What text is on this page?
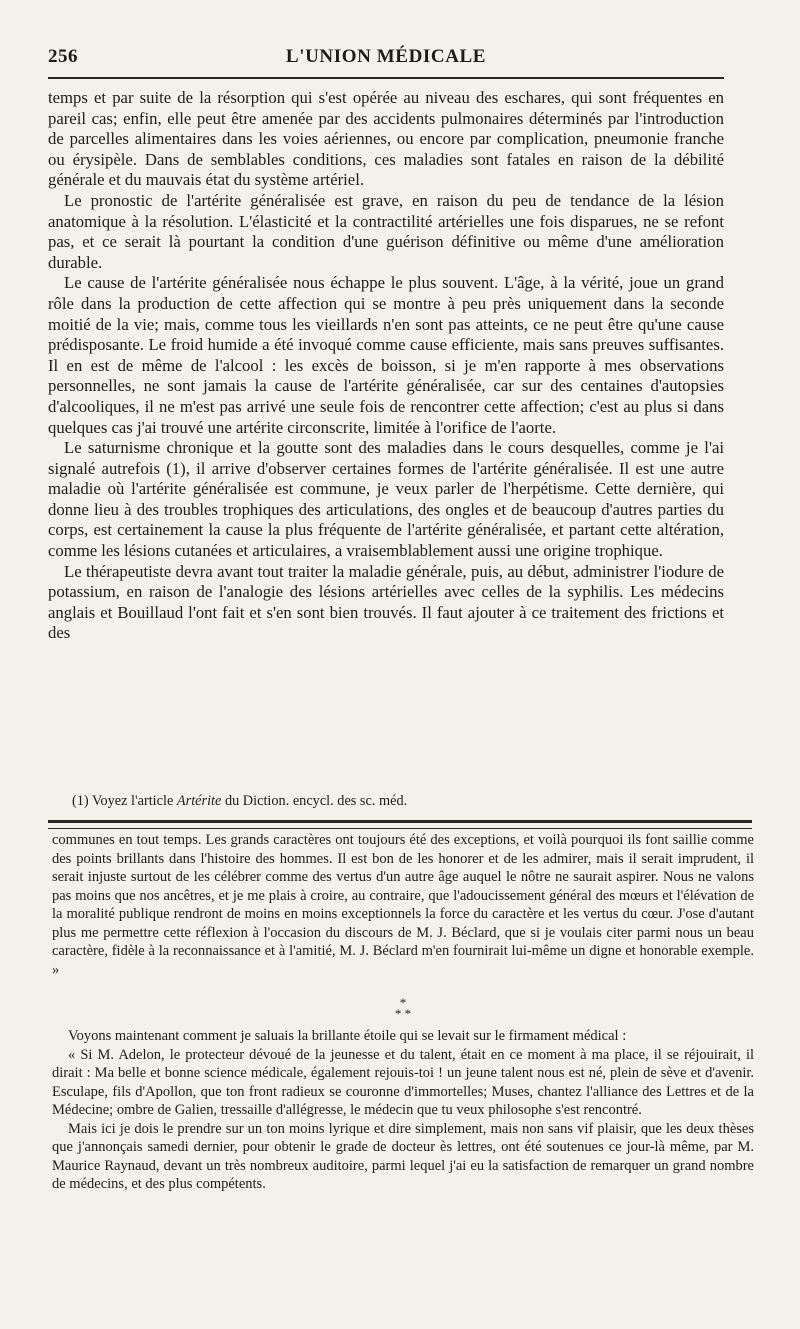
256	L'UNION MÉDICALE

temps et par suite de la résorption qui s'est opérée au niveau des eschares, qui sont fréquentes en pareil cas; enfin, elle peut être amenée par des accidents pulmonaires déterminés par l'introduction de parcelles alimentaires dans les voies aériennes, ou encore par complication, pneumonie franche ou érysipèle. Dans de semblables conditions, ces maladies sont fatales en raison de la débilité générale et du mauvais état du système artériel.

Le pronostic de l'artérite généralisée est grave, en raison du peu de tendance de la lésion anatomique à la résolution. L'élasticité et la contractilité artérielles une fois disparues, ne se refont pas, et ce serait là pourtant la condition d'une guérison définitive ou même d'une amélioration durable.

Le cause de l'artérite généralisée nous échappe le plus souvent. L'âge, à la vérité, joue un grand rôle dans la production de cette affection qui se montre à peu près uniquement dans la seconde moitié de la vie; mais, comme tous les vieillards n'en sont pas atteints, ce ne peut être qu'une cause prédisposante. Le froid humide a été invoqué comme cause efficiente, mais sans preuves suffisantes. Il en est de même de l'alcool : les excès de boisson, si je m'en rapporte à mes observations personnelles, ne sont jamais la cause de l'artérite généralisée, car sur des centaines d'autopsies d'alcooliques, il ne m'est pas arrivé une seule fois de rencontrer cette affection; c'est au plus si dans quelques cas j'ai trouvé une artérite circonscrite, limitée à l'orifice de l'aorte.

Le saturnisme chronique et la goutte sont des maladies dans le cours desquelles, comme je l'ai signalé autrefois (1), il arrive d'observer certaines formes de l'artérite généralisée. Il est une autre maladie où l'artérite généralisée est commune, je veux parler de l'herpétisme. Cette dernière, qui donne lieu à des troubles trophiques des articulations, des ongles et de beaucoup d'autres parties du corps, est certainement la cause la plus fréquente de l'artérite généralisée, et partant cette altération, comme les lésions cutanées et articulaires, a vraisemblablement aussi une origine trophique.

Le thérapeutiste devra avant tout traiter la maladie générale, puis, au début, administrer l'iodure de potassium, en raison de l'analogie des lésions artérielles avec celles de la syphilis. Les médecins anglais et Bouillaud l'ont fait et s'en sont bien trouvés. Il faut ajouter à ce traitement des frictions et des

(1) Voyez l'article Artérite du Diction. encycl. des sc. méd.

communes en tout temps. Les grands caractères ont toujours été des exceptions, et voilà pourquoi ils font saillie comme des points brillants dans l'histoire des hommes. Il est bon de les honorer et de les admirer, mais il serait imprudent, il serait injuste surtout de les célébrer comme des vertus d'un autre âge auquel le nôtre ne saurait aspirer. Nous ne valons pas moins que nos ancêtres, et je me plais à croire, au contraire, que l'adoucissement général des mœurs et l'élévation de la moralité publique rendront de moins en moins exceptionnels la force du caractère et les vertus du cœur. J'ose d'autant plus me permettre cette réflexion à l'occasion du discours de M. J. Béclard, que si je voulais citer parmi nous un beau caractère, fidèle à la reconnaissance et à l'amitié, M. J. Béclard m'en fournirait lui-même un digne et honorable exemple. »

*
* *

Voyons maintenant comment je saluais la brillante étoile qui se levait sur le firmament médical :

« Si M. Adelon, le protecteur dévoué de la jeunesse et du talent, était en ce moment à ma place, il se réjouirait, il dirait : Ma belle et bonne science médicale, également rejouis-toi ! un jeune talent nous est né, plein de sève et d'avenir. Esculape, fils d'Apollon, que ton front radieux se couronne d'immortelles; Muses, chantez l'alliance des Lettres et de la Médecine; ombre de Galien, tressaille d'allégresse, le médecin que tu veux philosophe s'est rencontré.

Mais ici je dois le prendre sur un ton moins lyrique et dire simplement, mais non sans vif plaisir, que les deux thèses que j'annonçais samedi dernier, pour obtenir le grade de docteur ès lettres, ont été soutenues ce jour-là même, par M. Maurice Raynaud, devant un très nombreux auditoire, parmi lequel j'ai eu la satisfaction de remarquer un grand nombre de médecins, et des plus compétents.
